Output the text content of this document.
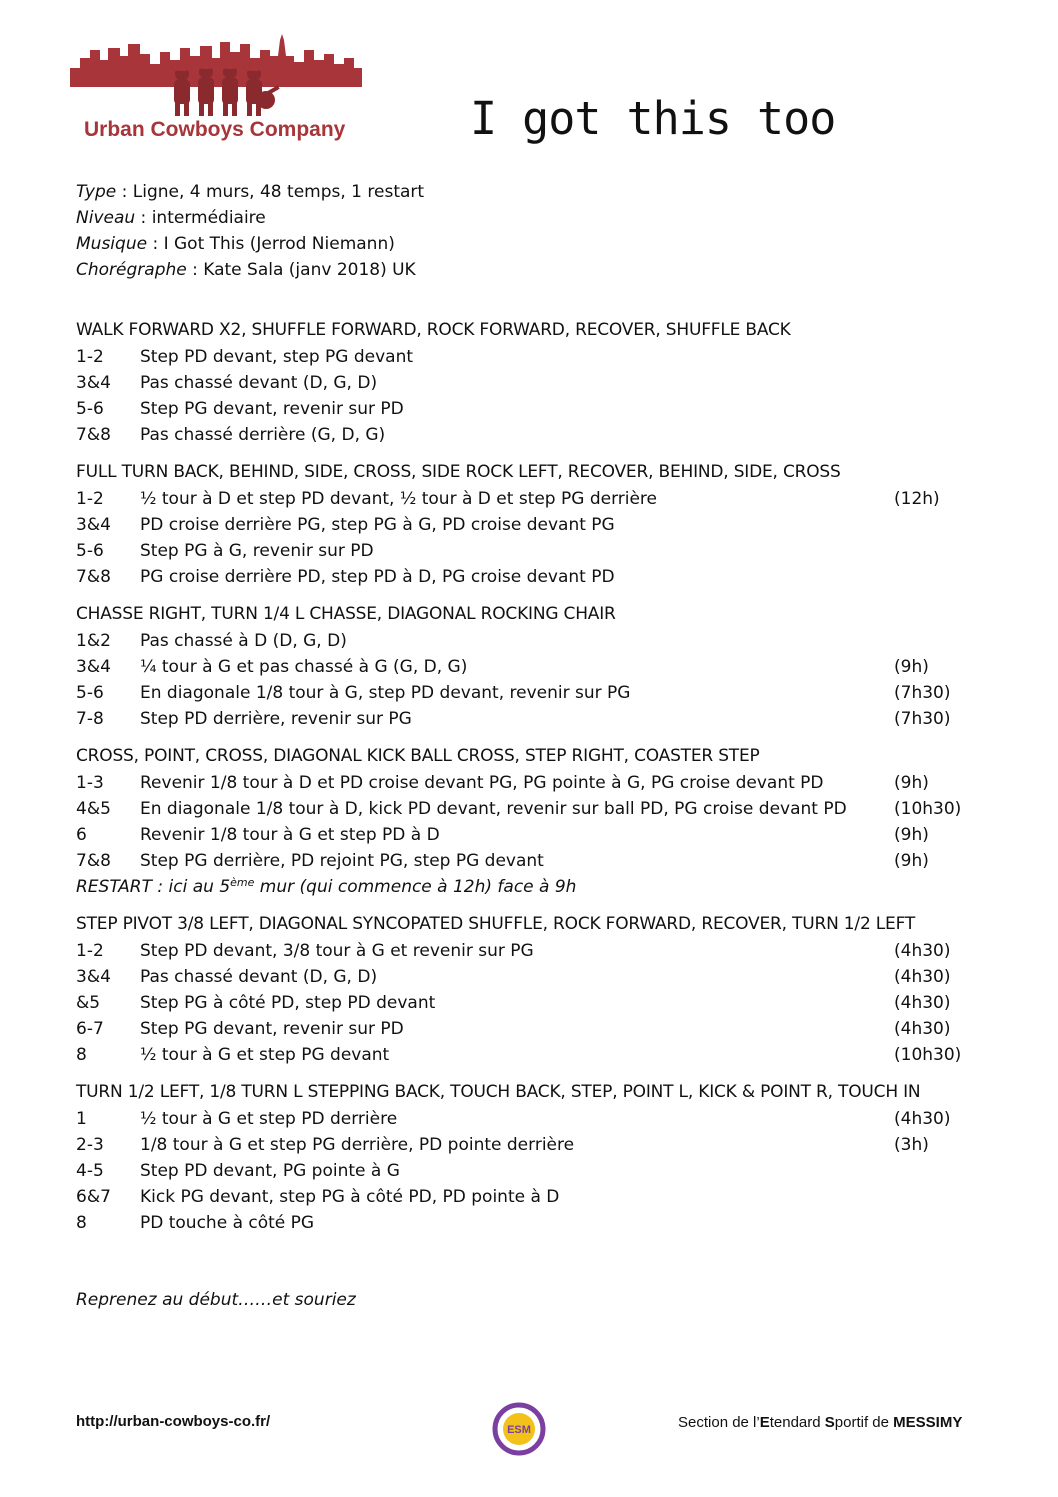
Urban Cowboys Company	I got this too
Type : Ligne, 4 murs, 48 temps, 1 restart
Niveau : intermédiaire
Musique : I Got This (Jerrod Niemann)
Chorégraphe : Kate Sala (janv 2018) UK
WALK FORWARD X2, SHUFFLE FORWARD, ROCK FORWARD, RECOVER, SHUFFLE BACK
1-2 Step PD devant, step PG devant
3&4 Pas chassé devant (D, G, D)
5-6 Step PG devant, revenir sur PD
7&8 Pas chassé derrière (G, D, G)
FULL TURN BACK, BEHIND, SIDE, CROSS, SIDE ROCK LEFT, RECOVER, BEHIND, SIDE, CROSS
1-2 ½ tour à D et step PD devant, ½ tour à D et step PG derrière	(12h)
3&4 PD croise derrière PG, step PG à G, PD croise devant PG
5-6 Step PG à G, revenir sur PD
7&8 PG croise derrière PD, step PD à D, PG croise devant PD
CHASSE RIGHT, TURN 1/4 L CHASSE, DIAGONAL ROCKING CHAIR
1&2 Pas chassé à D (D, G, D)
3&4 ¼ tour à G et pas chassé à G (G, D, G)	(9h)
5-6 En diagonale 1/8 tour à G, step PD devant, revenir sur PG	(7h30)
7-8 Step PD derrière, revenir sur PG	(7h30)
CROSS, POINT, CROSS, DIAGONAL KICK BALL CROSS, STEP RIGHT, COASTER STEP
1-3 Revenir 1/8 tour à D et PD croise devant PG, PG pointe à G, PG croise devant PD	(9h)
4&5 En diagonale 1/8 tour à D, kick PD devant, revenir sur ball PD, PG croise devant PD	(10h30)
6	Revenir 1/8 tour à G et step PD à D	(9h)
7&8 Step PG derrière, PD rejoint PG, step PG devant	(9h)
RESTART : ici au 5ème mur (qui commence à 12h) face à 9h
STEP PIVOT 3/8 LEFT, DIAGONAL SYNCOPATED SHUFFLE, ROCK FORWARD, RECOVER, TURN 1/2 LEFT
1-2 Step PD devant, 3/8 tour à G et revenir sur PG	(4h30)
3&4 Pas chassé devant (D, G, D)	(4h30)
&5 Step PG à côté PD, step PD devant	(4h30)
6-7 Step PG devant, revenir sur PD	(4h30)
8	½ tour à G et step PG devant	(10h30)
TURN 1/2 LEFT, 1/8 TURN L STEPPING BACK, TOUCH BACK, STEP, POINT L, KICK & POINT R, TOUCH IN
1	½ tour à G et step PD derrière	(4h30)
2-3 1/8 tour à G et step PG derrière, PD pointe derrière	(3h)
4-5 Step PD devant, PG pointe à G
6&7 Kick PG devant, step PG à côté PD, PD pointe à D
8	PD touche à côté PG
Reprenez au début……et souriez
http://urban-cowboys-co.fr/	ESM	Section de l’Etendard Sportif de MESSIMY
